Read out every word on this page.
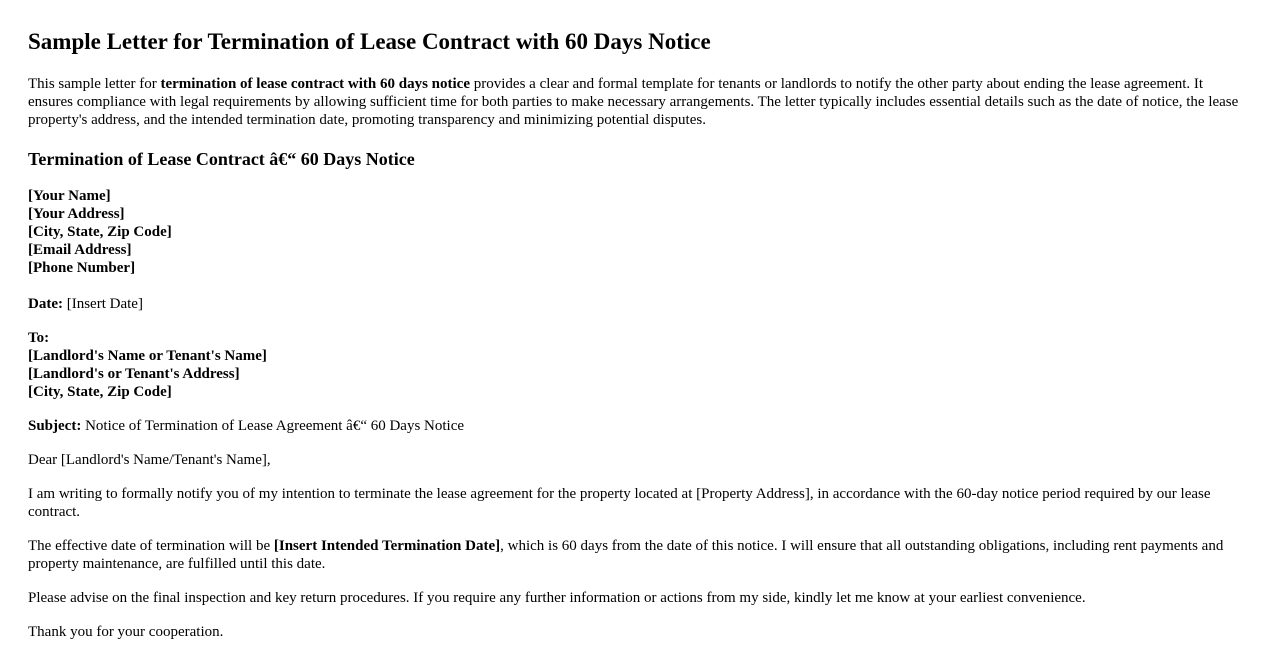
Sample Letter for Termination of Lease Contract with 60 Days Notice

This sample letter for termination of lease contract with 60 days notice provides a clear and formal template for tenants or landlords to notify the other party about ending the lease agreement. It ensures compliance with legal requirements by allowing sufficient time for both parties to make necessary arrangements. The letter typically includes essential details such as the date of notice, the lease property's address, and the intended termination date, promoting transparency and minimizing potential disputes.

Termination of Lease Contract â€“ 60 Days Notice
[Your Name]
[Your Address]
[City, State, Zip Code]
[Email Address]
[Phone Number]
Date: [Insert Date]
To:
[Landlord's Name or Tenant's Name]
[Landlord's or Tenant's Address]
[City, State, Zip Code]
Subject: Notice of Termination of Lease Agreement â€“ 60 Days Notice

Dear [Landlord's Name/Tenant's Name],

I am writing to formally notify you of my intention to terminate the lease agreement for the property located at [Property Address], in accordance with the 60-day notice period required by our lease contract.

The effective date of termination will be [Insert Intended Termination Date], which is 60 days from the date of this notice. I will ensure that all outstanding obligations, including rent payments and property maintenance, are fulfilled until this date.

Please advise on the final inspection and key return procedures. If you require any further information or actions from my side, kindly let me know at your earliest convenience.

Thank you for your cooperation.
